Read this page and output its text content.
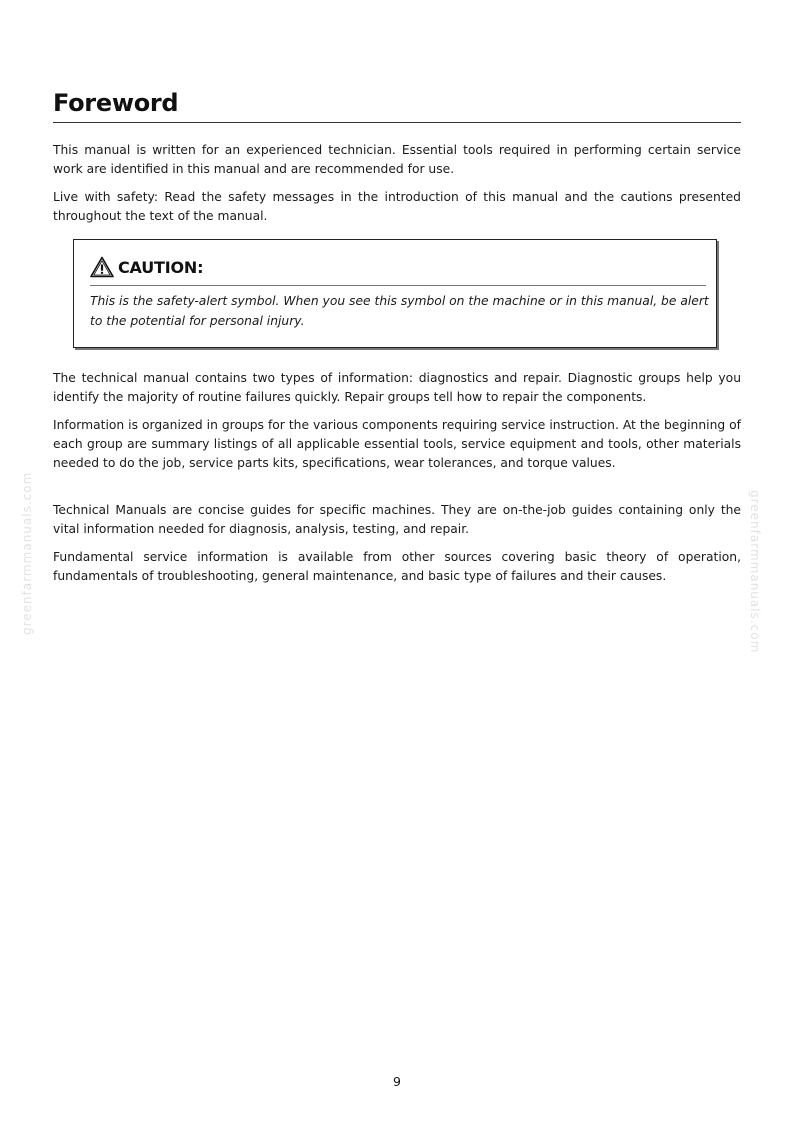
Foreword

This manual is written for an experienced technician. Essential tools required in performing certain service work are identified in this manual and are recommended for use.

Live with safety: Read the safety messages in the introduction of this manual and the cautions presented throughout the text of the manual.

CAUTION:

This is the safety-alert symbol. When you see this symbol on the machine or in this manual, be alert to the potential for personal injury.

The technical manual contains two types of information: diagnostics and repair. Diagnostic groups help you identify the majority of routine failures quickly. Repair groups tell how to repair the components.

Information is organized in groups for the various components requiring service instruction. At the beginning of each group are summary listings of all applicable essential tools, service equipment and tools, other materials needed to do the job, service parts kits, specifications, wear tolerances, and torque values.

Technical Manuals are concise guides for specific machines. They are on-the-job guides containing only the vital information needed for diagnosis, analysis, testing, and repair.

Fundamental service information is available from other sources covering basic theory of operation, fundamentals of troubleshooting, general maintenance, and basic type of failures and their causes.

greenfarmmanuals.com	greenfarmmanuals.com
9
